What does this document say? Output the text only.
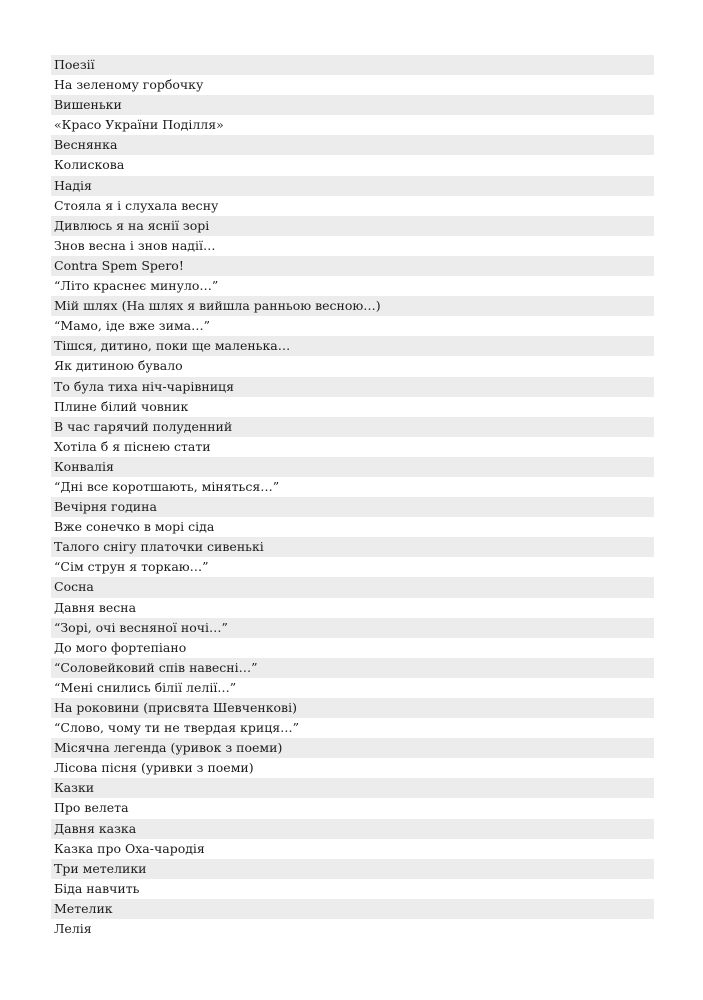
Поезії
На зеленому горбочку
Вишеньки
«Красо України Поділля»
Веснянка
Колискова
Надія
Стояла я і слухала весну
Дивлюсь я на яснії зорі
Знов весна і знов надії…
Contra Spem Spero!
“Літо краснеє минуло…”
Мій шлях (На шлях я вийшла ранньою весною…)
“Мамо, іде вже зима…”
Тішся, дитино, поки ще маленька…
Як дитиною бувало
То була тиха ніч-чарівниця
Плине білий човник
В час гарячий полуденний
Хотіла б я піснею стати
Конвалія
“Дні все коротшають, міняться…”
Вечірня година
Вже сонечко в морі сіда
Талого снігу платочки сивенькі
“Сім струн я торкаю…”
Сосна
Давня весна
“Зорі, очі весняної ночі…”
До мого фортепіано
“Соловейковий спів навесні…”
“Мені снились білії лелії…”
На роковини (присвята Шевченкові)
“Слово, чому ти не твердая криця…”
Місячна легенда (уривок з поеми)
Лісова пісня (уривки з поеми)
Казки
Про велета
Давня казка
Казка про Оха-чародія
Три метелики
Біда навчить
Метелик
Лелія
